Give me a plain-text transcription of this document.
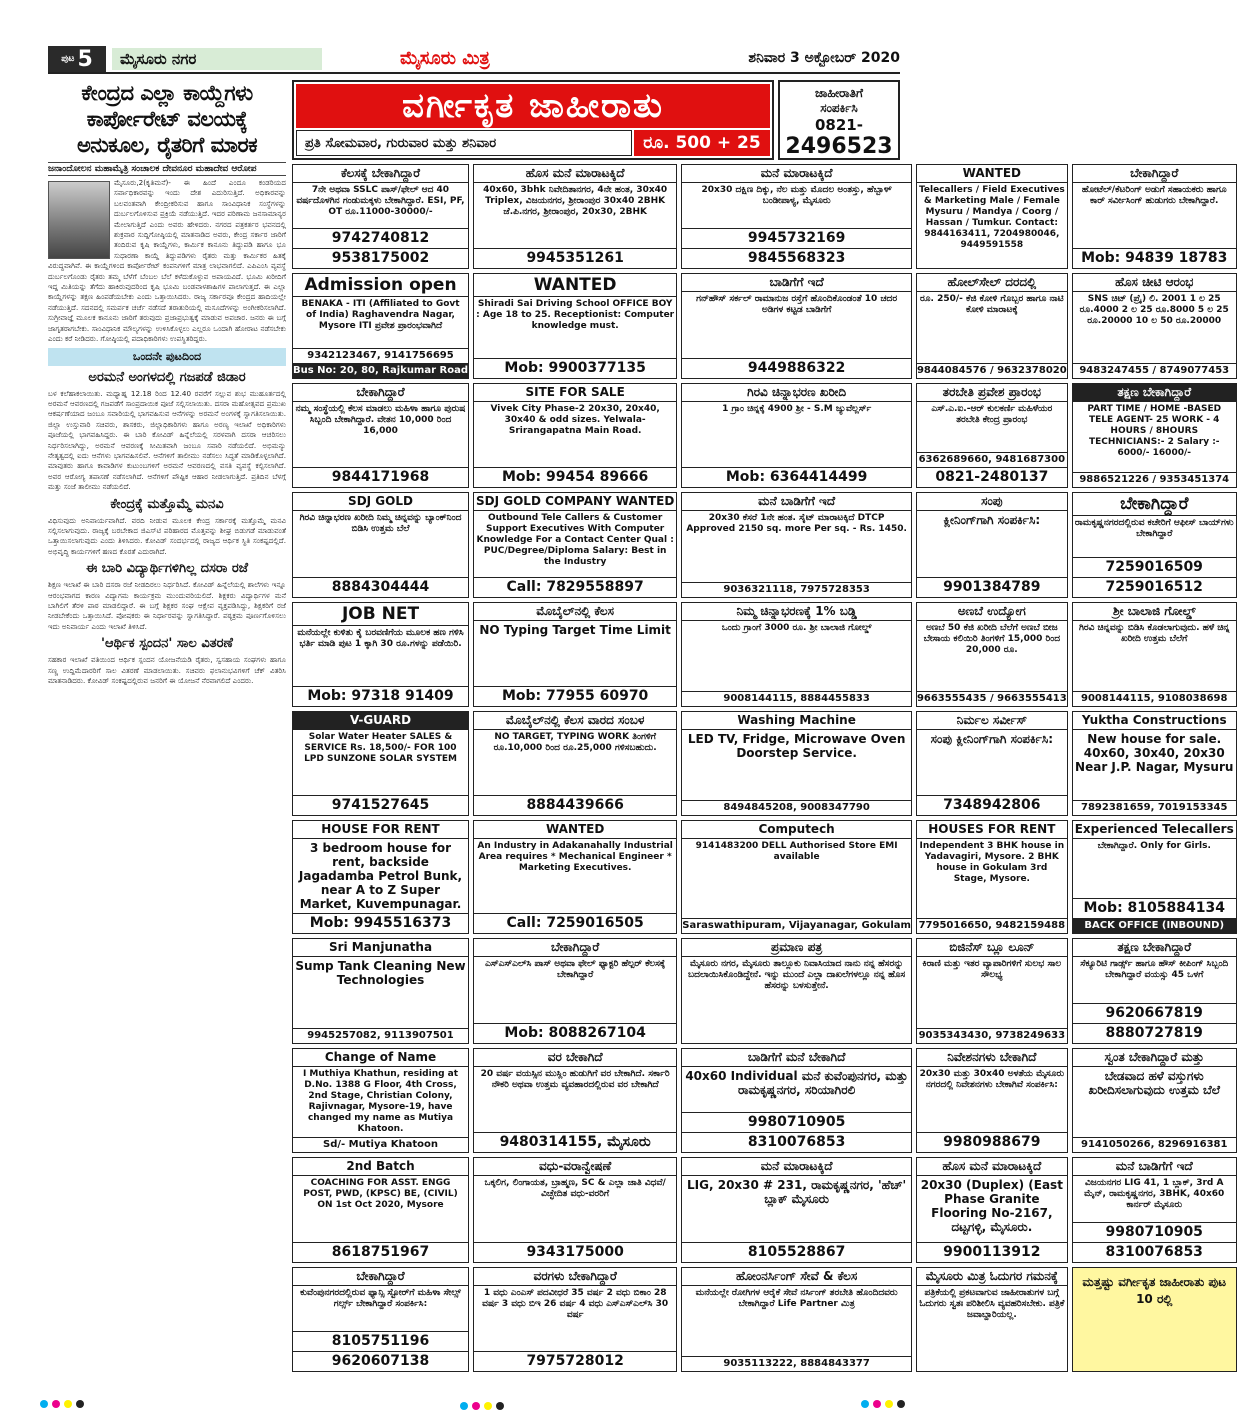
ಪುಟ 5	ಮೈಸೂರು ನಗರ	ಮೈಸೂರು ಮಿತ್ರ	ಶನಿವಾರ 3 ಅಕ್ಟೋಬರ್ 2020
ಕೇಂದ್ರದ ಎಲ್ಲಾ ಕಾಯ್ದೆಗಳು ಕಾರ್ಪೋರೇಟ್ ವಲಯಕ್ಕೆ ಅನುಕೂಲ, ರೈತರಿಗೆ ಮಾರಕ
ಜನಾಂದೋಲನ ಮಹಾಮೈತ್ರಿ ಸಂಚಾಲಕ ದೇವನೂರ ಮಹಾದೇವ ಆರೋಪ

ಮೈಸೂರು,2(ಕೃತಿಮನೆ)- ಈ ಹಿಂದೆ ಎಂದೂ ಕಂಡರಿಯದ ಸರ್ವಾಧಿಕಾರವನ್ನು ಇಂದು ದೇಶ ಎದುರಿಸುತ್ತಿದೆ. ಅಧಿಕಾರವನ್ನು ಬಲವಂತವಾಗಿ ಕೇಂದ್ರೀಕರಿಸುವ ಹಾಗೂ ಸಾಂವಿಧಾನಿಕ ಸಂಸ್ಥೆಗಳನ್ನು ದುರ್ಬಲಗೊಳಿಸುವ ಪ್ರಕ್ರಿಯೆ ನಡೆಯುತ್ತಿದೆ. ಇದರ ಪರಿಣಾಮ ಜನಸಾಮಾನ್ಯರ ಮೇಲಾಗುತ್ತಿದೆ ಎಂದು ಅವರು ಹೇಳಿದರು. ನಗರದ ಪತ್ರಕರ್ತರ ಭವನದಲ್ಲಿ ಶುಕ್ರವಾರ ಸುದ್ದಿಗೋಷ್ಠಿಯಲ್ಲಿ ಮಾತನಾಡಿದ ಅವರು, ಕೇಂದ್ರ ಸರ್ಕಾರ ಜಾರಿಗೆ ತಂದಿರುವ ಕೃಷಿ ಕಾಯ್ದೆಗಳು, ಕಾರ್ಮಿಕ ಕಾನೂನು ತಿದ್ದುಪಡಿ ಹಾಗೂ ಭೂ ಸುಧಾರಣಾ ಕಾಯ್ದೆ ತಿದ್ದುಪಡಿಗಳು ರೈತರು ಮತ್ತು ಕಾರ್ಮಿಕರ ಹಿತಕ್ಕೆ ವಿರುದ್ಧವಾಗಿವೆ. ಈ ಕಾಯ್ದೆಗಳಿಂದ ಕಾರ್ಪೋರೇಟ್ ಕಂಪನಿಗಳಿಗೆ ಮಾತ್ರ ಲಾಭವಾಗಲಿದೆ. ಎಪಿಎಂಸಿ ವ್ಯವಸ್ಥೆ ದುರ್ಬಲಗೊಂಡು ರೈತರು ತಮ್ಮ ಬೆಳೆಗೆ ಬೆಂಬಲ ಬೆಲೆ ಕಳೆದುಕೊಳ್ಳುವ ಅಪಾಯವಿದೆ. ಭೂಮಿ ಖರೀದಿಗೆ ಇದ್ದ ಮಿತಿಯನ್ನು ತೆಗೆದು ಹಾಕಿರುವುದರಿಂದ ಕೃಷಿ ಭೂಮಿ ಬಂಡವಾಳಶಾಹಿಗಳ ಪಾಲಾಗುತ್ತದೆ. ಈ ಎಲ್ಲಾ ಕಾಯ್ದೆಗಳನ್ನು ತಕ್ಷಣ ಹಿಂಪಡೆಯಬೇಕು ಎಂದು ಒತ್ತಾಯಿಸಿದರು. ರಾಜ್ಯ ಸರ್ಕಾರವೂ ಕೇಂದ್ರದ ಹಾದಿಯಲ್ಲೇ ನಡೆಯುತ್ತಿದೆ. ಸದನದಲ್ಲಿ ಸಮರ್ಪಕ ಚರ್ಚೆ ನಡೆಸದೆ ತರಾತುರಿಯಲ್ಲಿ ಮಸೂದೆಗಳನ್ನು ಅಂಗೀಕರಿಸಲಾಗಿದೆ. ಸುಗ್ರೀವಾಜ್ಞೆ ಮೂಲಕ ಕಾನೂನು ಜಾರಿಗೆ ತರುವುದು ಪ್ರಜಾಪ್ರಭುತ್ವಕ್ಕೆ ಮಾಡುವ ಅಪಚಾರ. ಜನರು ಈ ಬಗ್ಗೆ ಜಾಗೃತರಾಗಬೇಕು. ಸಾಂವಿಧಾನಿಕ ಮೌಲ್ಯಗಳನ್ನು ಉಳಿಸಿಕೊಳ್ಳಲು ಎಲ್ಲರೂ ಒಂದಾಗಿ ಹೋರಾಟ ನಡೆಸಬೇಕು ಎಂದು ಕರೆ ನೀಡಿದರು. ಗೋಷ್ಠಿಯಲ್ಲಿ ಪದಾಧಿಕಾರಿಗಳು ಉಪಸ್ಥಿತರಿದ್ದರು.

ಒಂದನೇ ಪುಟದಿಂದ
ಅರಮನೆ ಅಂಗಳದಲ್ಲಿ ಗಜಪಡೆ ಜಿಡಾರ

ಬಳ ಕಲೆಹಾಕಲಾಯಿತು. ಮಧ್ಯಾಹ್ನ 12.18 ರಿಂದ 12.40 ರವರೆಗೆ ಸಲ್ಲುವ ಶುಭ ಮುಹೂರ್ತದಲ್ಲಿ ಅರಮನೆ ಆವರಣದಲ್ಲಿ ಗಜಪಡೆಗೆ ಸಾಂಪ್ರದಾಯಿಕ ಪೂಜೆ ಸಲ್ಲಿಸಲಾಯಿತು. ದಸರಾ ಮಹೋತ್ಸವದ ಪ್ರಮುಖ ಆಕರ್ಷಣೆಯಾದ ಜಂಬೂ ಸವಾರಿಯಲ್ಲಿ ಭಾಗವಹಿಸುವ ಆನೆಗಳನ್ನು ಅರಮನೆ ಅಂಗಳಕ್ಕೆ ಸ್ವಾಗತಿಸಲಾಯಿತು. ಜಿಲ್ಲಾ ಉಸ್ತುವಾರಿ ಸಚಿವರು, ಶಾಸಕರು, ಜಿಲ್ಲಾಧಿಕಾರಿಗಳು ಹಾಗೂ ಅರಣ್ಯ ಇಲಾಖೆ ಅಧಿಕಾರಿಗಳು ಪೂಜೆಯಲ್ಲಿ ಭಾಗವಹಿಸಿದ್ದರು. ಈ ಬಾರಿ ಕೋವಿಡ್ ಹಿನ್ನೆಲೆಯಲ್ಲಿ ಸರಳವಾಗಿ ದಸರಾ ಆಚರಿಸಲು ನಿರ್ಧರಿಸಲಾಗಿದ್ದು, ಅರಮನೆ ಆವರಣಕ್ಕೆ ಸೀಮಿತವಾಗಿ ಜಂಬೂ ಸವಾರಿ ನಡೆಯಲಿದೆ. ಅಭಿಮನ್ಯು ನೇತೃತ್ವದಲ್ಲಿ ಐದು ಆನೆಗಳು ಭಾಗವಹಿಸಲಿವೆ. ಆನೆಗಳಿಗೆ ತಾಲೀಮು ನಡೆಸಲು ಸಿದ್ಧತೆ ಮಾಡಿಕೊಳ್ಳಲಾಗಿದೆ. ಮಾವುತರು ಹಾಗೂ ಕಾವಾಡಿಗಳ ಕುಟುಂಬಗಳಿಗೆ ಅರಮನೆ ಆವರಣದಲ್ಲಿ ವಸತಿ ವ್ಯವಸ್ಥೆ ಕಲ್ಪಿಸಲಾಗಿದೆ. ಅವರ ಆರೋಗ್ಯ ತಪಾಸಣೆ ನಡೆಸಲಾಗಿದೆ. ಆನೆಗಳಿಗೆ ಪೌಷ್ಟಿಕ ಆಹಾರ ನೀಡಲಾಗುತ್ತಿದೆ. ಪ್ರತಿದಿನ ಬೆಳಗ್ಗೆ ಮತ್ತು ಸಂಜೆ ತಾಲೀಮು ನಡೆಯಲಿದೆ.

ಕೇಂದ್ರಕ್ಕೆ ಮತ್ತೊಮ್ಮೆ ಮನವಿ

ವಿಧಿಸುವುದು ಅನಿವಾರ್ಯವಾಗಿದೆ. ವರದಿ ನೀಡುವ ಮೂಲಕ ಕೇಂದ್ರ ಸರ್ಕಾರಕ್ಕೆ ಮತ್ತೊಮ್ಮೆ ಮನವಿ ಸಲ್ಲಿಸಲಾಗುವುದು. ರಾಜ್ಯಕ್ಕೆ ಬರಬೇಕಾದ ಜಿಎಸ್‌ಟಿ ಪರಿಹಾರದ ಮೊತ್ತವನ್ನು ಶೀಘ್ರ ಬಿಡುಗಡೆ ಮಾಡುವಂತೆ ಒತ್ತಾಯಿಸಲಾಗುವುದು ಎಂದು ತಿಳಿಸಿದರು. ಕೋವಿಡ್ ಸಂದರ್ಭದಲ್ಲಿ ರಾಜ್ಯದ ಆರ್ಥಿಕ ಸ್ಥಿತಿ ಸಂಕಷ್ಟದಲ್ಲಿದೆ. ಅಭಿವೃದ್ಧಿ ಕಾರ್ಯಗಳಿಗೆ ಹಣದ ಕೊರತೆ ಎದುರಾಗಿದೆ.

ಈ ಬಾರಿ ವಿದ್ಯಾರ್ಥಿಗಳಿಗಿಲ್ಲ ದಸರಾ ರಜೆ

ಶಿಕ್ಷಣ ಇಲಾಖೆ ಈ ಬಾರಿ ದಸರಾ ರಜೆ ನೀಡದಿರಲು ನಿರ್ಧರಿಸಿದೆ. ಕೋವಿಡ್ ಹಿನ್ನೆಲೆಯಲ್ಲಿ ಶಾಲೆಗಳು ಇನ್ನೂ ಆರಂಭವಾಗದ ಕಾರಣ ವಿದ್ಯಾಗಮ ಕಾರ್ಯಕ್ರಮ ಮುಂದುವರಿಯಲಿದೆ. ಶಿಕ್ಷಕರು ವಿದ್ಯಾರ್ಥಿಗಳ ಮನೆ ಬಾಗಿಲಿಗೆ ತೆರಳಿ ಪಾಠ ಮಾಡಲಿದ್ದಾರೆ. ಈ ಬಗ್ಗೆ ಶಿಕ್ಷಕರ ಸಂಘ ಆಕ್ಷೇಪ ವ್ಯಕ್ತಪಡಿಸಿದ್ದು, ಶಿಕ್ಷಕರಿಗೆ ರಜೆ ನೀಡಬೇಕೆಂದು ಒತ್ತಾಯಿಸಿದೆ. ಪೋಷಕರು ಈ ನಿರ್ಧಾರವನ್ನು ಸ್ವಾಗತಿಸಿದ್ದಾರೆ. ಪಠ್ಯಕ್ರಮ ಪೂರ್ಣಗೊಳಿಸಲು ಇದು ಅನಿವಾರ್ಯ ಎಂದು ಇಲಾಖೆ ತಿಳಿಸಿದೆ.

'ಆರ್ಥಿಕ ಸ್ಪಂದನ' ಸಾಲ ವಿತರಣೆ

ಸಹಕಾರ ಇಲಾಖೆ ವತಿಯಿಂದ ಆರ್ಥಿಕ ಸ್ಪಂದನ ಯೋಜನೆಯಡಿ ರೈತರು, ಸ್ವಸಹಾಯ ಸಂಘಗಳು ಹಾಗೂ ಸಣ್ಣ ಉದ್ದಿಮೆದಾರರಿಗೆ ಸಾಲ ವಿತರಣೆ ಮಾಡಲಾಯಿತು. ಸಚಿವರು ಫಲಾನುಭವಿಗಳಿಗೆ ಚೆಕ್ ವಿತರಿಸಿ ಮಾತನಾಡಿದರು. ಕೋವಿಡ್ ಸಂಕಷ್ಟದಲ್ಲಿರುವ ಜನರಿಗೆ ಈ ಯೋಜನೆ ನೆರವಾಗಲಿದೆ ಎಂದರು.

ವರ್ಗೀಕೃತ ಜಾಹೀರಾತು
ಪ್ರತಿ ಸೋಮವಾರ, ಗುರುವಾರ ಮತ್ತು ಶನಿವಾರ	ರೂ. 500 + 25
ಜಾಹೀರಾತಿಗೆ
ಸಂಪರ್ಕಿಸಿ
0821-
2496523
ಕೆಲಸಕ್ಕೆ ಬೇಕಾಗಿದ್ದಾರೆ
7ನೇ ಅಥವಾ SSLC ಪಾಸ್/ಫೇಲ್ ಆದ 40 ವರ್ಷದೊಳಗಿನ ಗಂಡುಮಕ್ಕಳು ಬೇಕಾಗಿದ್ದಾರೆ. ESI, PF, OT ರೂ.11000-30000/-
9742740812
9538175002
ಹೊಸ ಮನೆ ಮಾರಾಟಕ್ಕಿದೆ
40x60, 3bhk ನಿವೇದಿತಾನಗರ, 4ನೇ ಹಂತ, 30x40 Triplex, ವಿಜಯನಗರ, ಶ್ರೀರಾಂಪುರ 30x40 2BHK ಜೆ.ಪಿ.ನಗರ, ಶ್ರೀರಾಂಪುರ, 20x30, 2BHK
9945351261
ಮನೆ ಮಾರಾಟಕ್ಕಿದೆ
20x30 ದಕ್ಷಿಣ ದಿಕ್ಕು, ನೆಲ ಮತ್ತು ಮೊದಲ ಅಂತಸ್ತು, ಹೆಬ್ಬಾಳ್ ಬಂಡೀಪಾಳ್ಯ, ಮೈಸೂರು
9945732169
9845568323
WANTED
Telecallers / Field Executives & Marketing Male / Female Mysuru / Mandya / Coorg / Hassan / Tumkur. Contact: 9844163411, 7204980046, 9449591558
ಬೇಕಾಗಿದ್ದಾರೆ
ಹೋಟೆಲ್/ಕೆಟರಿಂಗ್ ಅಡುಗೆ ಸಹಾಯಕರು ಹಾಗೂ ಕಾರ್ ಸರ್ವೀಸಿಂಗ್ ಹುಡುಗರು ಬೇಕಾಗಿದ್ದಾರೆ.
Mob: 94839 18783
Admission open
BENAKA - ITI (Affiliated to Govt of India) Raghavendra Nagar, Mysore ITI ಪ್ರವೇಶ ಪ್ರಾರಂಭವಾಗಿದೆ
9342123467, 9141756695
Bus No: 20, 80, Rajkumar Road
WANTED
Shiradi Sai Driving School OFFICE BOY : Age 18 to 25. Receptionist: Computer knowledge must.
Mob: 9900377135
ಬಾಡಿಗೆಗೆ ಇದೆ
ಗನ್‌ಹೌಸ್ ಸರ್ಕಲ್ ರಾಮಾನುಜ ರಸ್ತೆಗೆ ಹೊಂದಿಕೊಂಡಂತೆ 10 ಚದರ ಅಡಿಗಳ ಕಟ್ಟಡ ಬಾಡಿಗೆಗೆ
9449886322
ಹೋಲ್‌ಸೇಲ್ ದರದಲ್ಲಿ
ರೂ. 250/- ಕೆಜಿ ಕೋಳಿ ಗೊಬ್ಬರ ಹಾಗೂ ನಾಟಿ ಕೋಳಿ ಮಾರಾಟಕ್ಕೆ
9844084576 / 9632378020
ಹೊಸ ಚೀಟಿ ಆರಂಭ
SNS ಚಿಟ್ (ಪ್ರೈ) ಲಿ. 2001 1 ಲ 25 ರೂ.4000 2 ಲ 25 ರೂ.8000 5 ಲ 25 ರೂ.20000 10 ಲ 50 ರೂ.20000
9483247455 / 8749077453
ಬೇಕಾಗಿದ್ದಾರೆ
ನಮ್ಮ ಸಂಸ್ಥೆಯಲ್ಲಿ ಕೆಲಸ ಮಾಡಲು ಮಹಿಳಾ ಹಾಗೂ ಪುರುಷ ಸಿಬ್ಬಂದಿ ಬೇಕಾಗಿದ್ದಾರೆ. ವೇತನ 10,000 ರಿಂದ 16,000
9844171968
SITE FOR SALE
Vivek City Phase-2 20x30, 20x40, 30x40 & odd sizes. Yelwala-Srirangapatna Main Road.
Mob: 99454 89666
ಗಿರವಿ ಚಿನ್ನಾಭರಣ ಖರೀದಿ
1 ಗ್ರಾಂ ಚಿನ್ನಕ್ಕೆ 4900 ಶ್ರೀ - S.M ಜ್ಯುವೆಲ್ಲರ್ಸ್
Mob: 6364414499
ತರಬೇತಿ ಪ್ರವೇಶ ಪ್ರಾರಂಭ
ಎಸ್.ಎ.ಐ.-ಆರ್ ಕುಲಕರ್ಣಿ ಮಹಿಳೆಯರ ತರಬೇತಿ ಕೇಂದ್ರ ಪ್ರಾರಂಭ
6362689660, 9481687300
0821-2480137
ತಕ್ಷಣ ಬೇಕಾಗಿದ್ದಾರೆ
PART TIME / HOME -BASED TELE AGENT- 25 WORK - 4 HOURS / 8HOURS TECHNICIANS:- 2 Salary :- 6000/- 16000/-
9886521226 / 9353451374
SDJ GOLD
ಗಿರವಿ ಚಿನ್ನಾಭರಣ ಖರೀದಿ ನಿಮ್ಮ ಚಿನ್ನವನ್ನು ಬ್ಯಾಂಕ್‌ನಿಂದ ಬಿಡಿಸಿ ಉತ್ತಮ ಬೆಲೆ
8884304444
SDJ GOLD COMPANY WANTED
Outbound Tele Callers & Customer Support Executives With Computer Knowledge For a Contact Center Qual : PUC/Degree/Diploma Salary: Best in the Industry
Call: 7829558897
ಮನೆ ಬಾಡಿಗೆಗೆ ಇದೆ
20x30 ಕೆಸರೆ 1ನೇ ಹಂತ. ಸೈಟ್ ಮಾರಾಟಕ್ಕಿದೆ DTCP Approved 2150 sq. more Per sq. - Rs. 1450.
9036321118, 7975728353
ಸಂಪು
ಕ್ಲೀನಿಂಗ್‌ಗಾಗಿ ಸಂಪರ್ಕಿಸಿ:
9901384789
ಬೇಕಾಗಿದ್ದಾರೆ
ರಾಮಕೃಷ್ಣನಗರದಲ್ಲಿರುವ ಕಚೇರಿಗೆ ಆಫೀಸ್ ಬಾಯ್‌ಗಳು ಬೇಕಾಗಿದ್ದಾರೆ
7259016509
7259016512
JOB NET
ಮನೆಯಲ್ಲೇ ಕುಳಿತು ಕೈ ಬರವಣಿಗೆಯ ಮೂಲಕ ಹಣ ಗಳಿಸಿ ಭರ್ತಿ ಮಾಡಿ ಪುಟ 1 ಕ್ಕಾಗಿ 30 ರೂ.ಗಳನ್ನು ಪಡೆಯಿರಿ.
Mob: 97318 91409
ಮೊಬೈಲ್‌ನಲ್ಲಿ ಕೆಲಸ
NO Typing Target Time Limit
Mob: 77955 60970
ನಿಮ್ಮ ಚಿನ್ನಾಭರಣಕ್ಕೆ 1% ಬಡ್ಡಿ
ಒಂದು ಗ್ರಾಂಗೆ 3000 ರೂ. ಶ್ರೀ ಬಾಲಾಜಿ ಗೋಲ್ಡ್
9008144115, 8884455833
ಅಣಬೆ ಉದ್ಯೋಗ
ಅಣಬೆ 50 ಕೆಜಿ ಖರೀದಿ ಬೆಲೆಗೆ ಅಣಬೆ ಬೀಜ ಬೇಸಾಯ ಕಲಿಯಿರಿ ತಿಂಗಳಿಗೆ 15,000 ರಿಂದ 20,000 ರೂ.
9663555435 / 9663555413
ಶ್ರೀ ಬಾಲಾಜಿ ಗೋಲ್ಡ್
ಗಿರವಿ ಚಿನ್ನವನ್ನು ಬಿಡಿಸಿ ಕೊಡಲಾಗುವುದು. ಹಳೆ ಚಿನ್ನ ಖರೀದಿ ಉತ್ತಮ ಬೆಲೆಗೆ
9008144115, 9108038698
V-GUARD
Solar Water Heater SALES & SERVICE Rs. 18,500/- FOR 100 LPD SUNZONE SOLAR SYSTEM
9741527645
ಮೊಬೈಲ್‌ನಲ್ಲಿ ಕೆಲಸ ವಾರದ ಸಂಬಳ
NO TARGET, TYPING WORK ತಿಂಗಳಿಗೆ ರೂ.10,000 ರಿಂದ ರೂ.25,000 ಗಳಿಸಬಹುದು.
8884439666
Washing Machine
LED TV, Fridge, Microwave Oven Doorstep Service.
8494845208, 9008347790
ನಿರ್ಮಲ ಸರ್ವೀಸ್
ಸಂಪು ಕ್ಲೀನಿಂಗ್‌ಗಾಗಿ ಸಂಪರ್ಕಿಸಿ:
7348942806
Yuktha Constructions
New house for sale. 40x60, 30x40, 20x30 Near J.P. Nagar, Mysuru
7892381659, 7019153345
HOUSE FOR RENT
3 bedroom house for rent, backside Jagadamba Petrol Bunk, near A to Z Super Market, Kuvempunagar.
Mob: 9945516373
WANTED
An Industry in Adakanahally Industrial Area requires * Mechanical Engineer * Marketing Executives.
Call: 7259016505
Computech
9141483200 DELL Authorised Store EMI available
Saraswathipuram, Vijayanagar, Gokulam
HOUSES FOR RENT
Independent 3 BHK house in Yadavagiri, Mysore. 2 BHK house in Gokulam 3rd Stage, Mysore.
7795016650, 9482159488
Experienced Telecallers
ಬೇಕಾಗಿದ್ದಾರೆ. Only for Girls.
Mob: 8105884134
BACK OFFICE (INBOUND)
Sri Manjunatha
Sump Tank Cleaning New Technologies
9945257082, 9113907501
ಬೇಕಾಗಿದ್ದಾರೆ
ಎಸ್‌ಎಸ್‌ಎಲ್‌ಸಿ ಪಾಸ್ ಅಥವಾ ಫೇಲ್ ಫ್ಯಾಕ್ಟರಿ ಹೆಲ್ಪರ್ ಕೆಲಸಕ್ಕೆ ಬೇಕಾಗಿದ್ದಾರೆ
Mob: 8088267104
ಪ್ರಮಾಣ ಪತ್ರ
ಮೈಸೂರು ನಗರ, ಮೈಸೂರು ತಾಲ್ಲೂಕು ನಿವಾಸಿಯಾದ ನಾನು ನನ್ನ ಹೆಸರನ್ನು ಬದಲಾಯಿಸಿಕೊಂಡಿದ್ದೇನೆ. ಇನ್ನು ಮುಂದೆ ಎಲ್ಲಾ ದಾಖಲೆಗಳಲ್ಲೂ ನನ್ನ ಹೊಸ ಹೆಸರನ್ನು ಬಳಸುತ್ತೇನೆ.
ಬಿಜಿನೆಸ್ ಬ್ಲೂ ಲೂನ್
ಕಿರಾಣಿ ಮತ್ತು ಇತರ ವ್ಯಾಪಾರಿಗಳಿಗೆ ಸುಲಭ ಸಾಲ ಸೌಲಭ್ಯ
9035343430, 9738249633
ತಕ್ಷಣ ಬೇಕಾಗಿದ್ದಾರೆ
ಸೆಕ್ಯೂರಿಟಿ ಗಾರ್ಡ್ಸ್ ಹಾಗೂ ಹೌಸ್ ಕೀಪಿಂಗ್ ಸಿಬ್ಬಂದಿ ಬೇಕಾಗಿದ್ದಾರೆ ವಯಸ್ಸು 45 ಒಳಗೆ
9620667819
8880727819
Change of Name
I Muthiya Khathun, residing at D.No. 1388 G Floor, 4th Cross, 2nd Stage, Christian Colony, Rajivnagar, Mysore-19, have changed my name as Mutiya Khatoon.
Sd/- Mutiya Khatoon
ವರ ಬೇಕಾಗಿದೆ
20 ವರ್ಷ ವಯಸ್ಸಿನ ಮುಸ್ಲಿಂ ಹುಡುಗಿಗೆ ವರ ಬೇಕಾಗಿದೆ. ಸರ್ಕಾರಿ ನೌಕರಿ ಅಥವಾ ಉತ್ತಮ ವ್ಯವಹಾರದಲ್ಲಿರುವ ವರ ಬೇಕಾಗಿದೆ
9480314155, ಮೈಸೂರು
ಬಾಡಿಗೆಗೆ ಮನೆ ಬೇಕಾಗಿದೆ
40x60 Individual ಮನೆ ಕುವೆಂಪುನಗರ, ಮತ್ತು ರಾಮಕೃಷ್ಣನಗರ, ಸರಿಯಾಗಿರಲಿ
9980710905
8310076853
ನಿವೇಶನಗಳು ಬೇಕಾಗಿದೆ
20x30 ಮತ್ತು 30x40 ಅಳತೆಯ ಮೈಸೂರು ನಗರದಲ್ಲಿ ನಿವೇಶನಗಳು ಬೇಕಾಗಿವೆ ಸಂಪರ್ಕಿಸಿ:
9980988679
ಸ್ವಂತ ಬೇಕಾಗಿದ್ದಾರೆ ಮತ್ತು
ಬೇಡವಾದ ಹಳೆ ವಸ್ತುಗಳು ಖರೀದಿಸಲಾಗುವುದು ಉತ್ತಮ ಬೆಲೆ
9141050266, 8296916381
2nd Batch
COACHING FOR ASST. ENGG POST, PWD, (KPSC) BE, (CIVIL) ON 1st Oct 2020, Mysore
8618751967
ವಧು-ವರಾನ್ವೇಷಣೆ
ಒಕ್ಕಲಿಗ, ಲಿಂಗಾಯತ, ಬ್ರಾಹ್ಮಣ, SC & ಎಲ್ಲಾ ಜಾತಿ ವಿಧವೆ/ವಿಚ್ಛೇದಿತ ವಧು-ವರರಿಗೆ
9343175000
ಮನೆ ಮಾರಾಟಕ್ಕಿದೆ
LIG, 20x30 # 231, ರಾಮಕೃಷ್ಣನಗರ, 'ಹೆಚ್' ಬ್ಲಾಕ್ ಮೈಸೂರು
8105528867
ಹೊಸ ಮನೆ ಮಾರಾಟಕ್ಕಿದೆ
20x30 (Duplex) (East Phase Granite Flooring No-2167, ದಟ್ಟಗಳ್ಳಿ, ಮೈಸೂರು.
9900113912
ಮನೆ ಬಾಡಿಗೆಗೆ ಇದೆ
ವಿಜಯನಗರ LIG 41, 1 ಬ್ಲಾಕ್, 3rd A ಮೈನ್, ರಾಮಕೃಷ್ಣನಗರ, 3BHK, 40x60 ಕಾರ್ನರ್ ಮೈಸೂರು
9980710905
8310076853
ಬೇಕಾಗಿದ್ದಾರೆ
ಕುವೆಂಪುನಗರದಲ್ಲಿರುವ ಫ್ಯಾನ್ಸಿ ಸ್ಟೋರ್‌ಗೆ ಮಹಿಳಾ ಸೇಲ್ಸ್ ಗರ್ಲ್ಸ್ ಬೇಕಾಗಿದ್ದಾರೆ ಸಂಪರ್ಕಿಸಿ:
8105751196
9620607138
ವರಗಳು ಬೇಕಾಗಿದ್ದಾರೆ
1 ವಧು ಎಂಎಸ್ ಪದವೀಧರೆ 35 ವರ್ಷ 2 ವಧು ಬಿಕಾಂ 28 ವರ್ಷ 3 ವಧು ಬಿಇ 26 ವರ್ಷ 4 ವಧು ಎಸ್‌ಎಸ್‌ಎಲ್‌ಸಿ 30 ವರ್ಷ
7975728012
ಹೋಂನರ್ಸಿಂಗ್ ಸೇವೆ & ಕೆಲಸ
ಮನೆಯಲ್ಲೇ ರೋಗಿಗಳ ಆರೈಕೆ ಸೇವೆ ನರ್ಸಿಂಗ್ ತರಬೇತಿ ಹೊಂದಿದವರು ಬೇಕಾಗಿದ್ದಾರೆ Life Partner ಮಿತ್ರ
9035113222, 8884843377
ಮೈಸೂರು ಮಿತ್ರ ಓದುಗರ ಗಮನಕ್ಕೆ
ಪತ್ರಿಕೆಯಲ್ಲಿ ಪ್ರಕಟವಾಗುವ ಜಾಹೀರಾತುಗಳ ಬಗ್ಗೆ ಓದುಗರು ಸ್ವತಃ ಪರಿಶೀಲಿಸಿ ವ್ಯವಹರಿಸಬೇಕು. ಪತ್ರಿಕೆ ಜವಾಬ್ದಾರಿಯಲ್ಲ.
ಮತ್ತಷ್ಟು ವರ್ಗೀಕೃತ ಜಾಹೀರಾತು ಪುಟ 10 ರಲ್ಲಿ
